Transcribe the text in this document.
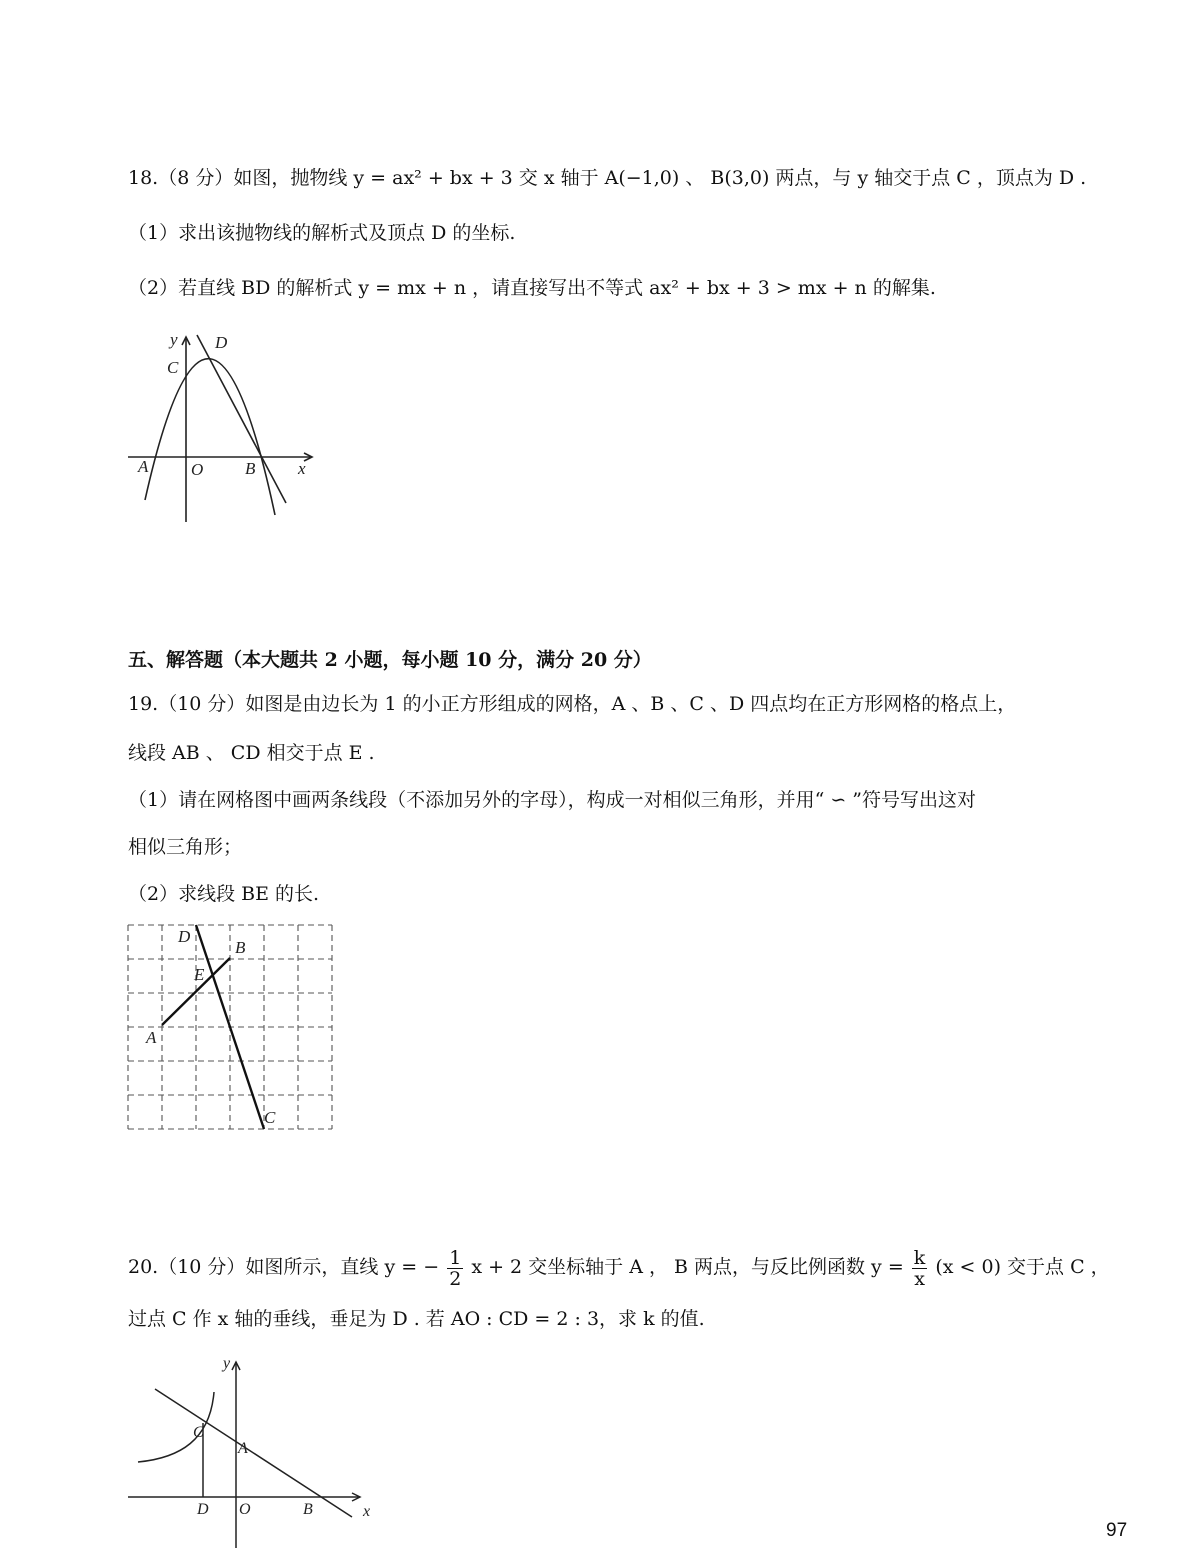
18.（8 分）如图，抛物线 y = ax² + bx + 3 交 x 轴于 A(−1,0) 、 B(3,0) 两点，与 y 轴交于点 C ，顶点为 D .
（1）求出该抛物线的解析式及顶点 D 的坐标.
（2）若直线 BD 的解析式 y = mx + n ，请直接写出不等式 ax² + bx + 3 > mx + n 的解集.
y D
C
A	O B	x
五、解答题（本大题共 2 小题，每小题 10 分，满分 20 分）
19.（10 分）如图是由边长为 1 的小正方形组成的网格，A 、B 、C 、D 四点均在正方形网格的格点上，
线段 AB 、 CD 相交于点 E .
（1）请在网格图中画两条线段（不添加另外的字母），构成一对相似三角形，并用“ ∽ ”符号写出这对
相似三角形；
（2）求线段 BE 的长.
D
B
E
A
C
20.（10 分）如图所示，直线 y = − $\frac{1}{2}$ x + 2 交坐标轴于 A ， B 两点，与反比例函数 $y = \frac{k}{x} (x < 0)$ 交于点 C ，
过点 C 作 x 轴的垂线，垂足为 D . 若 AO : CD = 2 : 3，求 k 的值.
y
C
A
D O	B	x
97
